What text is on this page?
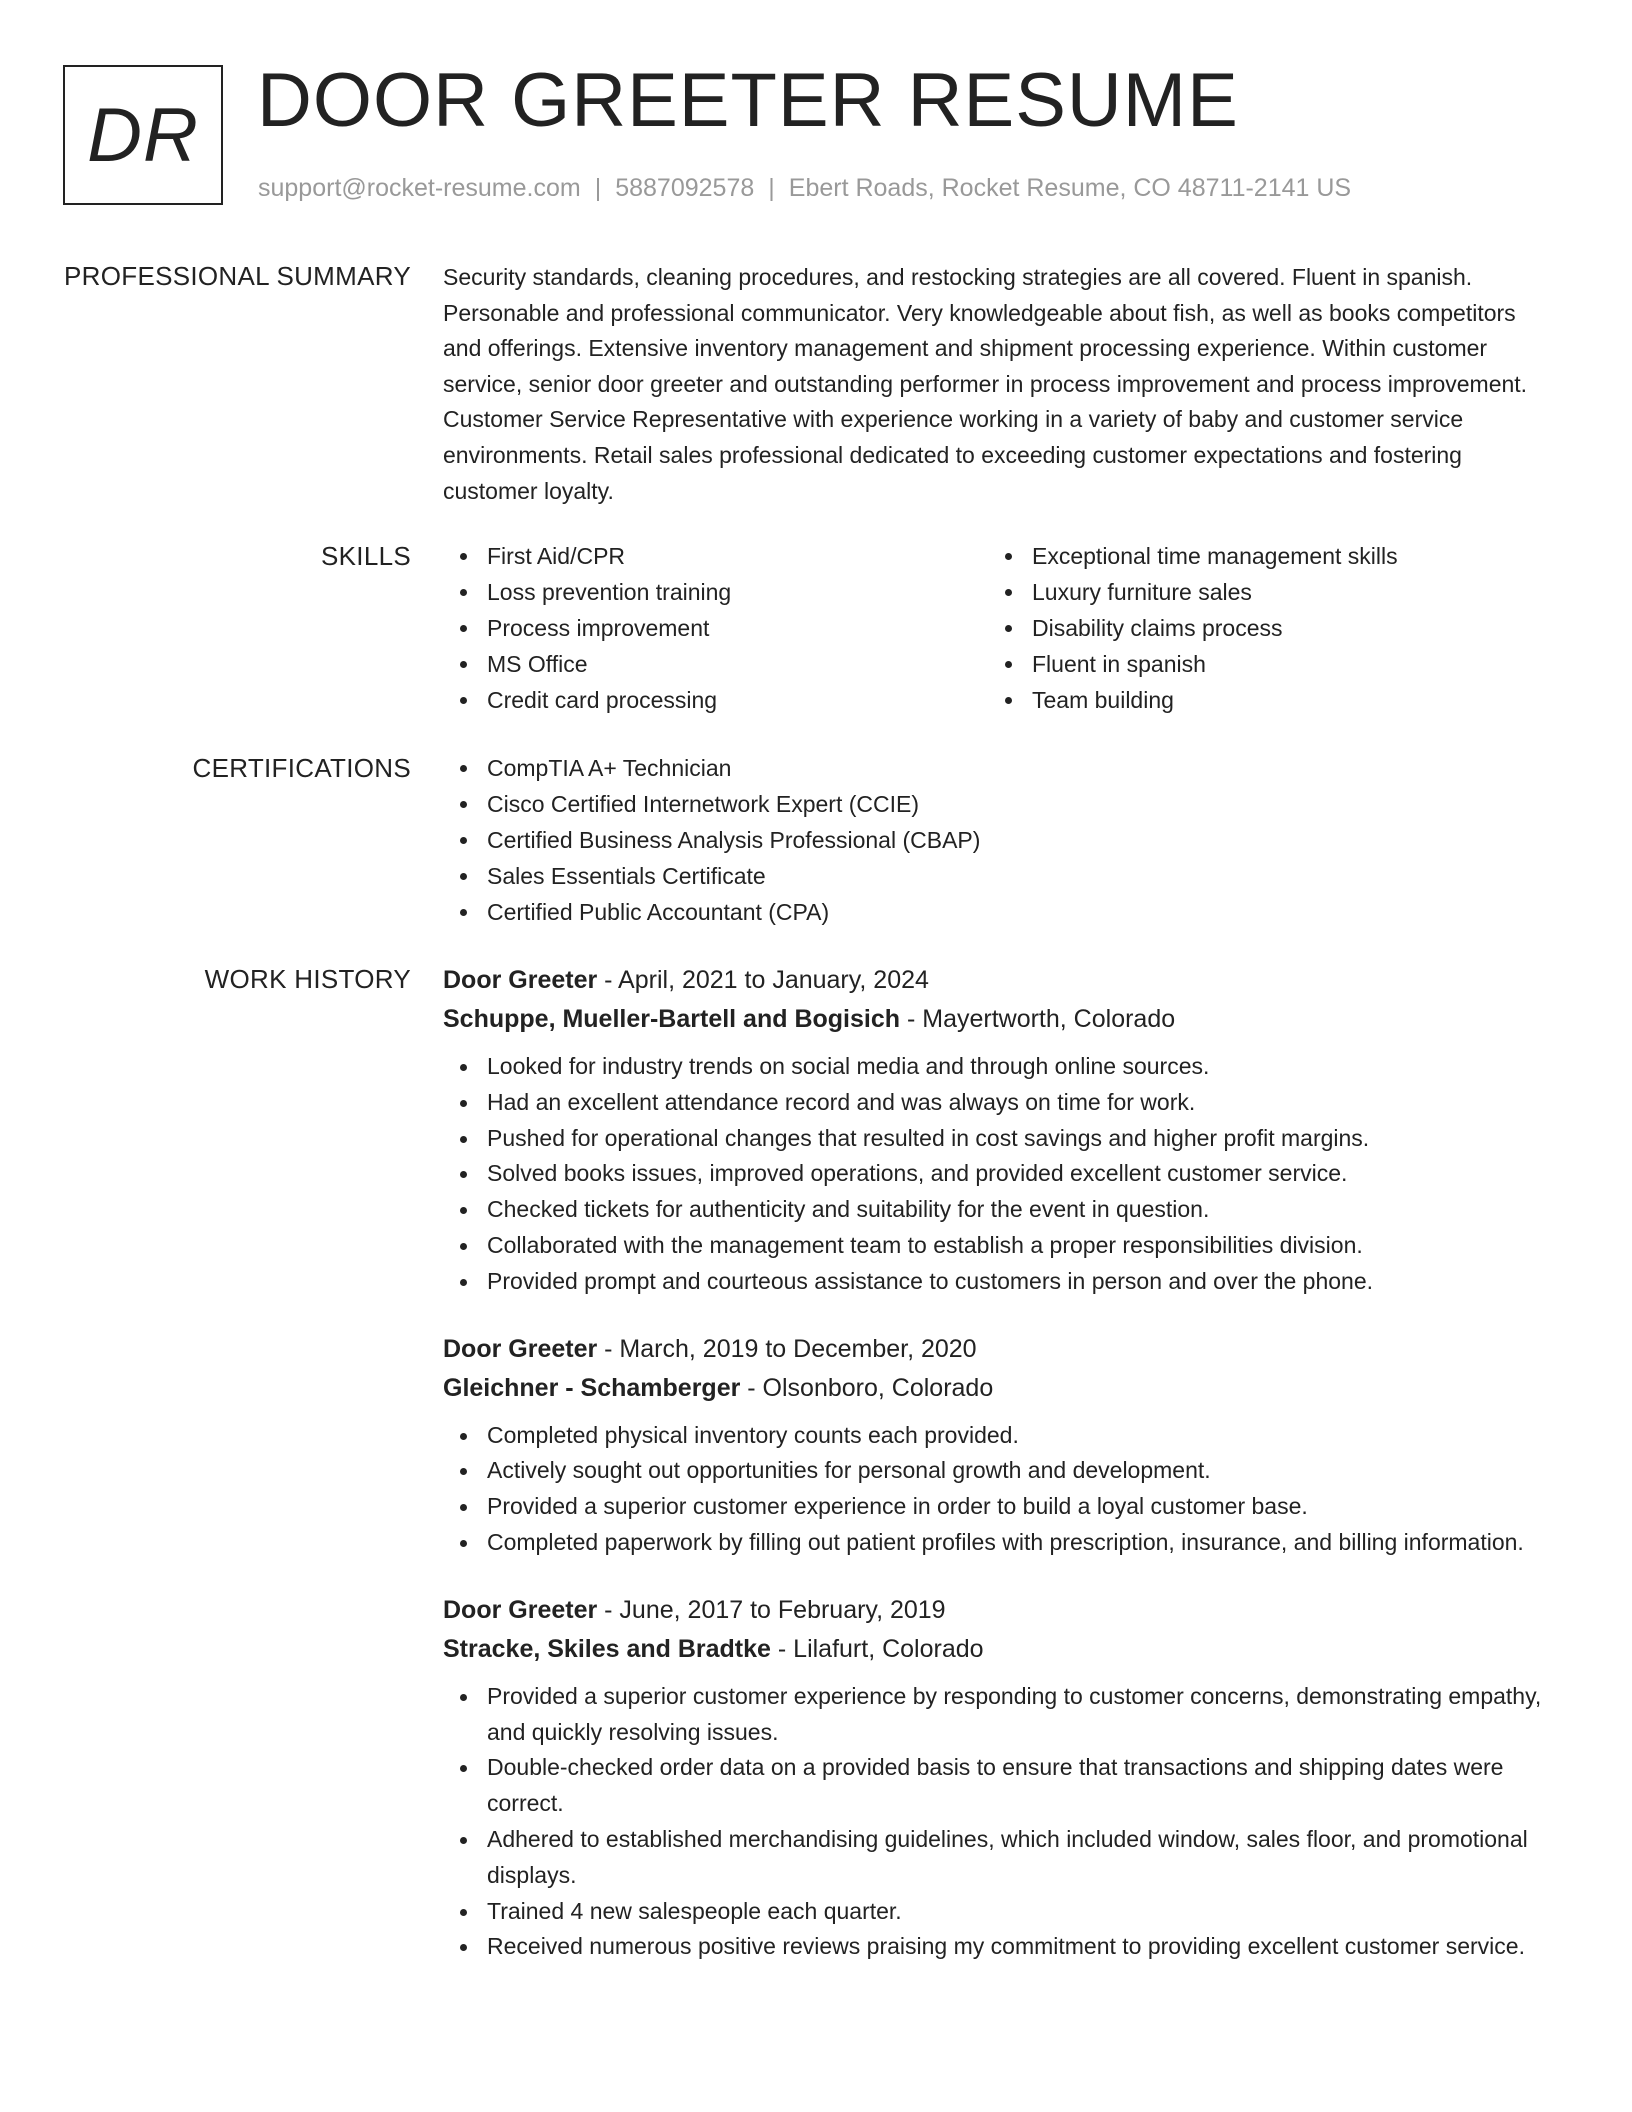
DR DOOR GREETER RESUME
support@rocket-resume.com | 5887092578 | Ebert Roads, Rocket Resume, CO 48711-2141 US
PROFESSIONAL SUMMARY Security standards, cleaning procedures, and restocking strategies are all covered. Fluent in spanish. Personable and professional communicator. Very knowledgeable about fish, as well as books competitors and offerings. Extensive inventory management and shipment processing experience. Within customer service, senior door greeter and outstanding performer in process improvement and process improvement. Customer Service Representative with experience working in a variety of baby and customer service environments. Retail sales professional dedicated to exceeding customer expectations and fostering customer loyalty.

SKILLS	First Aid/CPR
Loss prevention training
Process improvement
MS Office
Credit card processing
Exceptional time management skills
Luxury furniture sales
Disability claims process
Fluent in spanish
Team building
CERTIFICATIONS	CompTIA A+ Technician
Cisco Certified Internetwork Expert (CCIE)
Certified Business Analysis Professional (CBAP)
Sales Essentials Certificate
Certified Public Accountant (CPA)
WORK HISTORY Door Greeter - April, 2021 to January, 2024
Schuppe, Mueller-Bartell and Bogisich - Mayertworth, Colorado
Looked for industry trends on social media and through online sources.
Had an excellent attendance record and was always on time for work.
Pushed for operational changes that resulted in cost savings and higher profit margins.
Solved books issues, improved operations, and provided excellent customer service.
Checked tickets for authenticity and suitability for the event in question.
Collaborated with the management team to establish a proper responsibilities division.
Provided prompt and courteous assistance to customers in person and over the phone.
Door Greeter - March, 2019 to December, 2020
Gleichner - Schamberger - Olsonboro, Colorado
Completed physical inventory counts each provided.
Actively sought out opportunities for personal growth and development.
Provided a superior customer experience in order to build a loyal customer base.
Completed paperwork by filling out patient profiles with prescription, insurance, and billing information.
Door Greeter - June, 2017 to February, 2019
Stracke, Skiles and Bradtke - Lilafurt, Colorado
Provided a superior customer experience by responding to customer concerns, demonstrating empathy, and quickly resolving issues.
Double-checked order data on a provided basis to ensure that transactions and shipping dates were correct.
Adhered to established merchandising guidelines, which included window, sales floor, and promotional displays.
Trained 4 new salespeople each quarter.
Received numerous positive reviews praising my commitment to providing excellent customer service.
